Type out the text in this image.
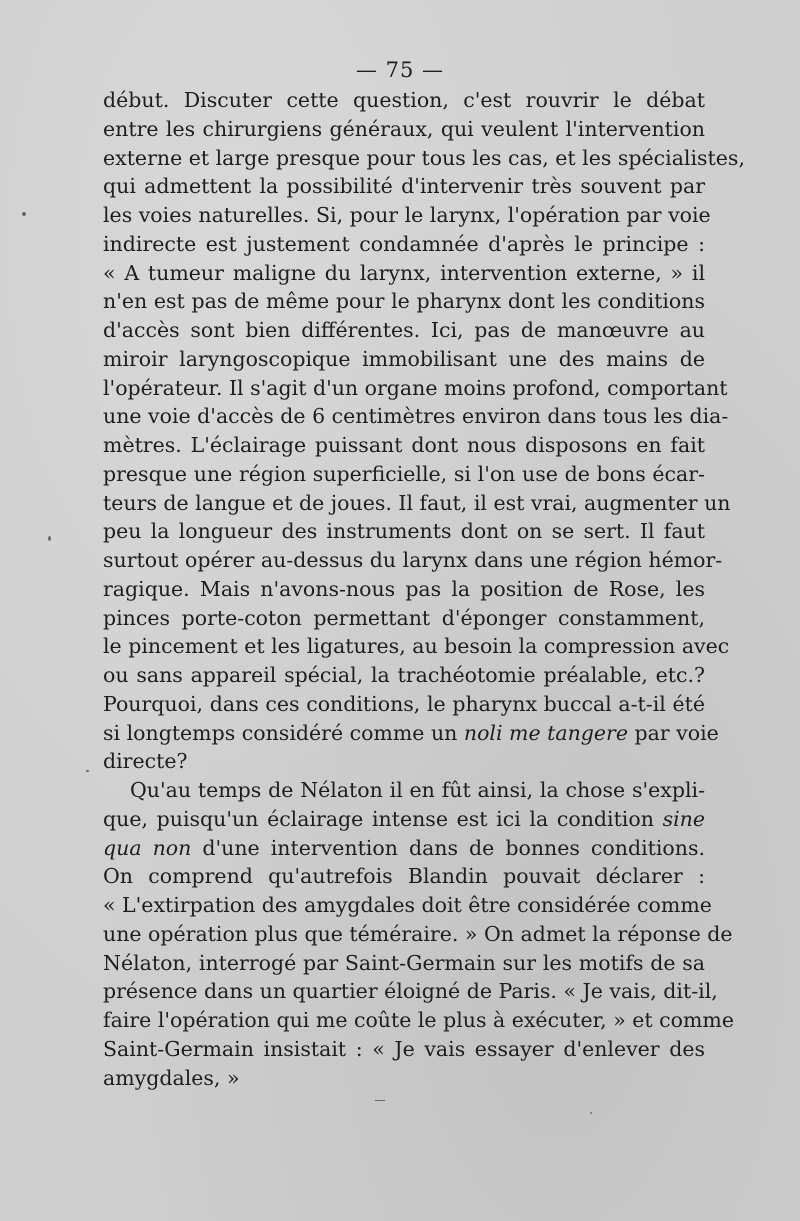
— 75 —
début. Discuter cette question, c'est rouvrir le débat
entre les chirurgiens généraux, qui veulent l'intervention
externe et large presque pour tous les cas, et les spécialistes,
qui admettent la possibilité d'intervenir très souvent par
les voies naturelles. Si, pour le larynx, l'opération par voie
indirecte est justement condamnée d'après le principe :
« A tumeur maligne du larynx, intervention externe, » il
n'en est pas de même pour le pharynx dont les conditions
d'accès sont bien différentes. Ici, pas de manœuvre au
miroir laryngoscopique immobilisant une des mains de
l'opérateur. Il s'agit d'un organe moins profond, comportant
une voie d'accès de 6 centimètres environ dans tous les dia-
mètres. L'éclairage puissant dont nous disposons en fait
presque une région superficielle, si l'on use de bons écar-
teurs de langue et de joues. Il faut, il est vrai, augmenter un
peu la longueur des instruments dont on se sert. Il faut
surtout opérer au-dessus du larynx dans une région hémor-
ragique. Mais n'avons-nous pas la position de Rose, les
pinces porte-coton permettant d'éponger constamment,
le pincement et les ligatures, au besoin la compression avec
ou sans appareil spécial, la trachéotomie préalable, etc.?
Pourquoi, dans ces conditions, le pharynx buccal a-t-il été
si longtemps considéré comme un noli me tangere par voie
directe?
Qu'au temps de Nélaton il en fût ainsi, la chose s'expli-
que, puisqu'un éclairage intense est ici la condition sine
qua non d'une intervention dans de bonnes conditions.
On comprend qu'autrefois Blandin pouvait déclarer :
« L'extirpation des amygdales doit être considérée comme
une opération plus que téméraire. » On admet la réponse de
Nélaton, interrogé par Saint-Germain sur les motifs de sa
présence dans un quartier éloigné de Paris. « Je vais, dit-il,
faire l'opération qui me coûte le plus à exécuter, » et comme
Saint-Germain insistait : « Je vais essayer d'enlever des
amygdales, »
